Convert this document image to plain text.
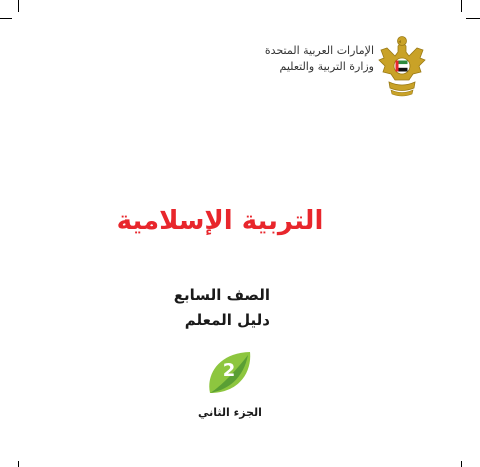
الإمارات العربية المتحدة
وزارة التربية والتعليم
التربية الإسلامية
الصف السابع
دليل المعلم
2
الجزء الثاني
